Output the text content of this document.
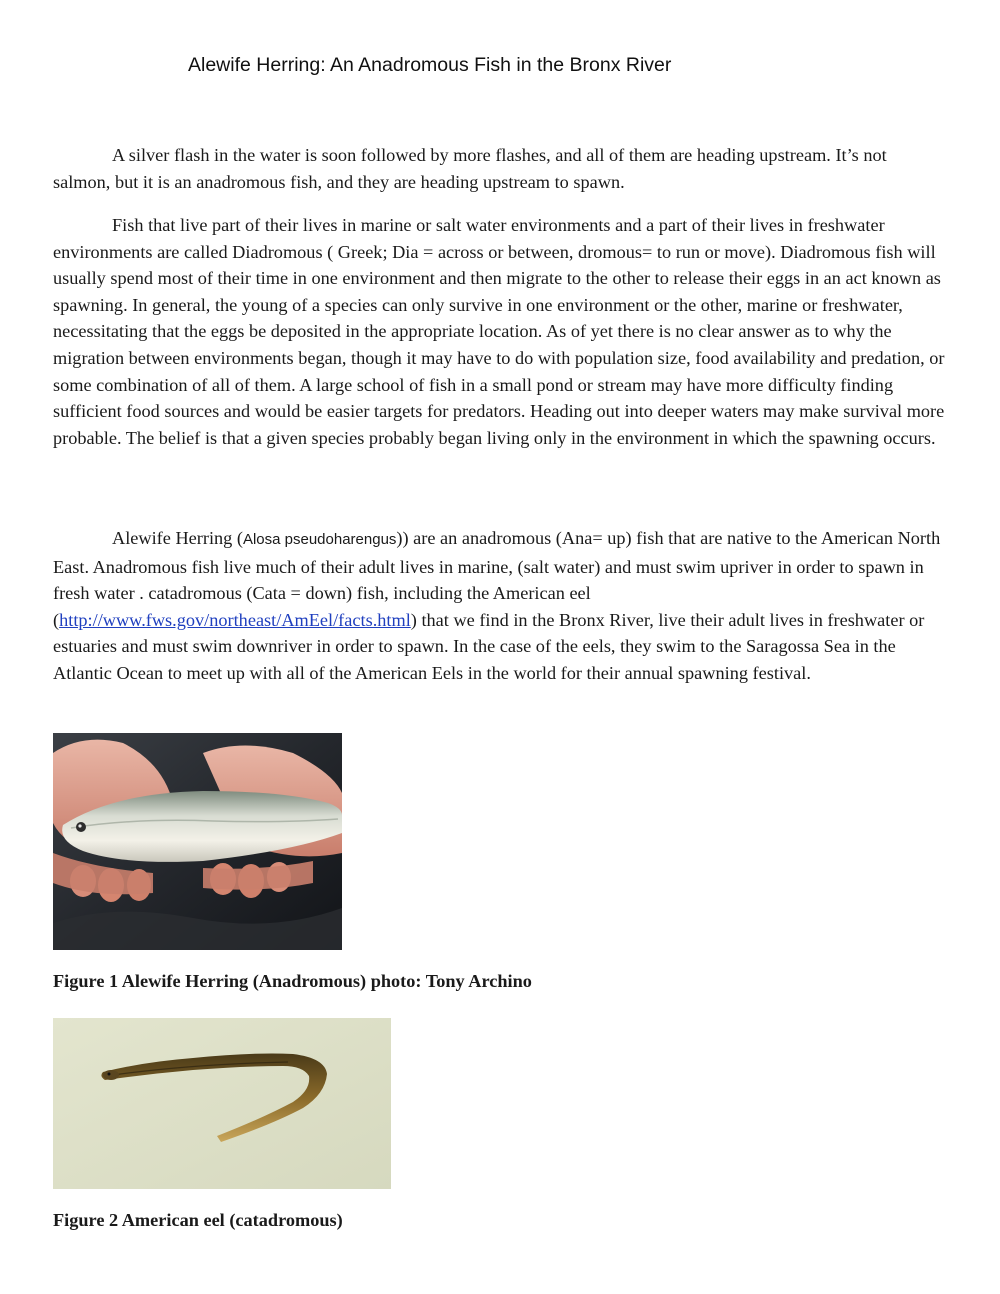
Alewife Herring: An Anadromous Fish in the Bronx River

A silver flash in the water is soon followed by more flashes, and all of them are heading upstream. It’s not salmon, but it is an anadromous fish, and they are heading upstream to spawn.

Fish that live part of their lives in marine or salt water environments and a part of their lives in freshwater environments are called Diadromous ( Greek; Dia = across or between, dromous= to run or move). Diadromous fish will usually spend most of their time in one environment and then migrate to the other to release their eggs in an act known as spawning. In general, the young of a species can only survive in one environment or the other, marine or freshwater, necessitating that the eggs be deposited in the appropriate location. As of yet there is no clear answer as to why the migration between environments began, though it may have to do with population size, food availability and predation, or some combination of all of them. A large school of fish in a small pond or stream may have more difficulty finding sufficient food sources and would be easier targets for predators. Heading out into deeper waters may make survival more probable. The belief is that a given species probably began living only in the environment in which the spawning occurs.

Alewife Herring (Alosa pseudoharengus)) are an anadromous (Ana= up) fish that are native to the American North East. Anadromous fish live much of their adult lives in marine, (salt water) and must swim upriver in order to spawn in fresh water . catadromous (Cata = down) fish, including the American eel (http://www.fws.gov/northeast/AmEel/facts.html) that we find in the Bronx River, live their adult lives in freshwater or estuaries and must swim downriver in order to spawn. In the case of the eels, they swim to the Saragossa Sea in the Atlantic Ocean to meet up with all of the American Eels in the world for their annual spawning festival.

Figure 1 Alewife Herring (Anadromous) photo: Tony Archino
Figure 2 American eel (catadromous)
